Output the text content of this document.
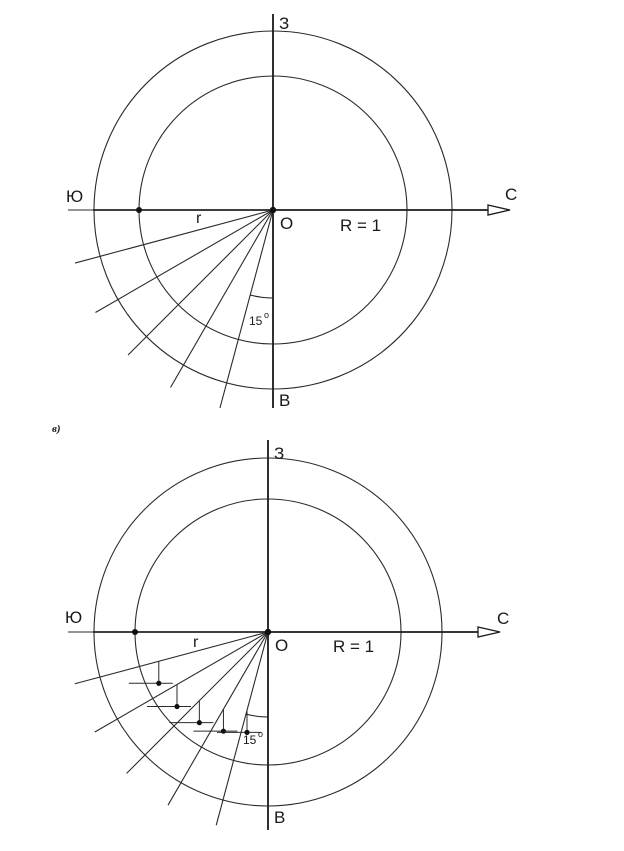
в)
З
Ю	С
В
O
r	R = 1
15 o
З
Ю	С
В
O
r	R = 1
15 o
